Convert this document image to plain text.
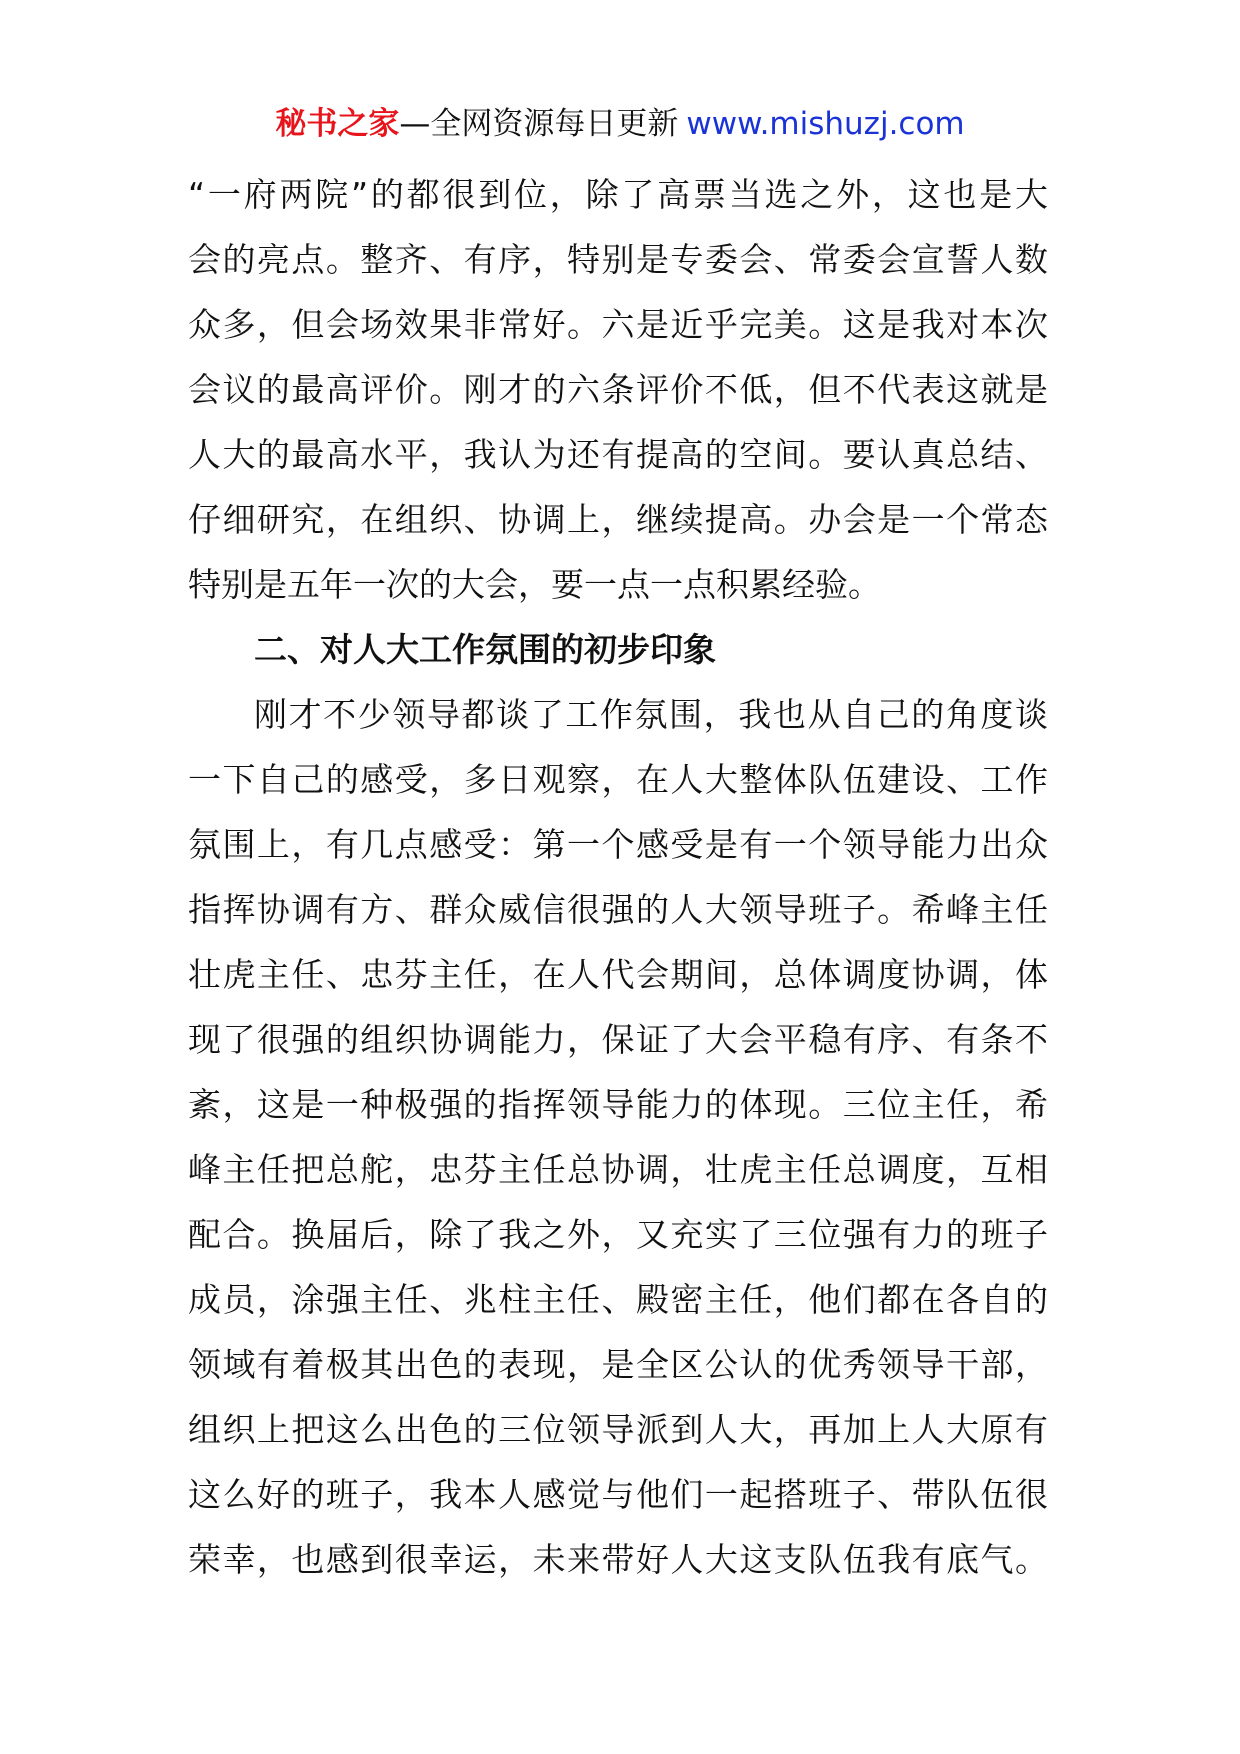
秘书之家—全网资源每日更新 www.mishuzj.com
“一府两院”的都很到位，除了高票当选之外，这也是大
会的亮点。整齐、有序，特别是专委会、常委会宣誓人数
众多，但会场效果非常好。六是近乎完美。这是我对本次
会议的最高评价。刚才的六条评价不低，但不代表这就是
人大的最高水平，我认为还有提高的空间。要认真总结、
仔细研究，在组织、协调上，继续提高。办会是一个常态
特别是五年一次的大会，要一点一点积累经验。
二、对人大工作氛围的初步印象
刚才不少领导都谈了工作氛围，我也从自己的角度谈
一下自己的感受，多日观察，在人大整体队伍建设、工作
氛围上，有几点感受：第一个感受是有一个领导能力出众
指挥协调有方、群众威信很强的人大领导班子。希峰主任
壮虎主任、忠芬主任，在人代会期间，总体调度协调，体
现了很强的组织协调能力，保证了大会平稳有序、有条不
紊，这是一种极强的指挥领导能力的体现。三位主任，希
峰主任把总舵，忠芬主任总协调，壮虎主任总调度，互相
配合。换届后，除了我之外，又充实了三位强有力的班子
成员，涂强主任、兆柱主任、殿密主任，他们都在各自的
领域有着极其出色的表现，是全区公认的优秀领导干部，
组织上把这么出色的三位领导派到人大，再加上人大原有
这么好的班子，我本人感觉与他们一起搭班子、带队伍很
荣幸，也感到很幸运，未来带好人大这支队伍我有底气。
